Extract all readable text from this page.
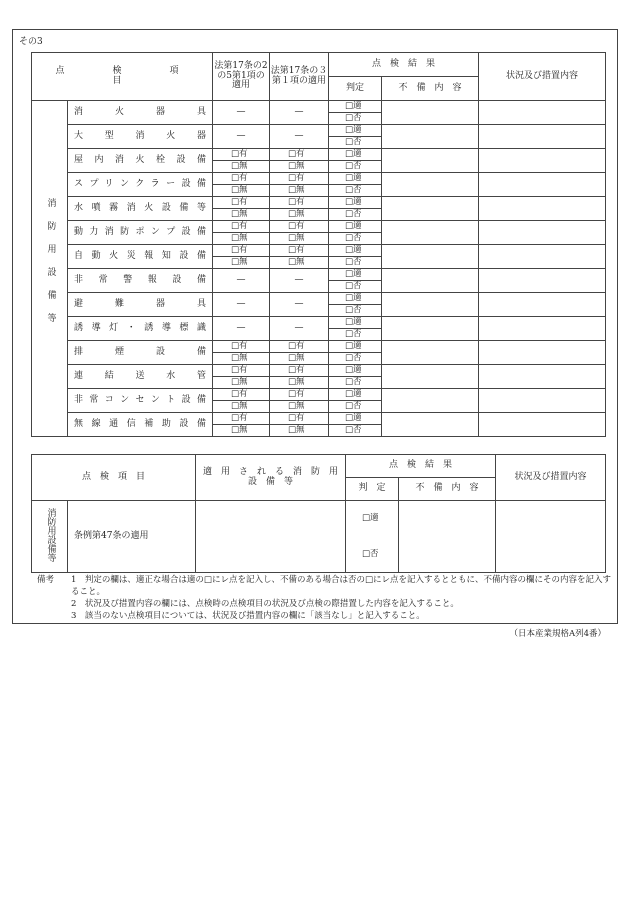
その3
点　　検　　項　　目		法第17条の2の5第1項の適用	法第17条の３第１項の適用	点　検　結　果		状況及び措置内容
				判定	不　備　内　容	
消防用設備等	消火器具	—	—	□適		
				□否		
	大型消火器	—	—	□適		
				□否		
	屋内消火栓設備	□有	□有	□適		
		□無	□無	□否		
	スプリンクラー設備	□有	□有	□適		
		□無	□無	□否		
	水噴霧消火設備等	□有	□有	□適		
		□無	□無	□否		
	動力消防ポンプ設備	□有	□有	□適		
		□無	□無	□否		
	自動火災報知設備	□有	□有	□適		
		□無	□無	□否		
	非常警報設備	—	—	□適		
				□否		
	避難器具	—	—	□適		
				□否		
	誘導灯・誘導標識	—	—	□適		
				□否		
	排煙設備	□有	□有	□適		
		□無	□無	□否		
	連結送水管	□有	□有	□適		
		□無	□無	□否		
	非常コンセント設備	□有	□有	□適		
		□無	□無	□否		
	無線通信補助設備	□有	□有	□適		
		□無	□無	□否		
点　検　項　目		適　用　さ　れ　る　消　防　用　設　備　等	点　検　結　果		状況及び措置内容
			判　定	不　備　内　容	
消防用設備等	条例第47条の適用		□適		
			□否		
備考 1　判定の欄は、適正な場合は適の□にレ点を記入し、不備のある場合は否の□にレ点を記入するとともに、不備内容の欄にその内容を記入すること。
2　状況及び措置内容の欄には、点検時の点検項目の状況及び点検の際措置した内容を記入すること。
3　該当のない点検項目については、状況及び措置内容の欄に「該当なし」と記入すること。
（日本産業規格A列4番）
